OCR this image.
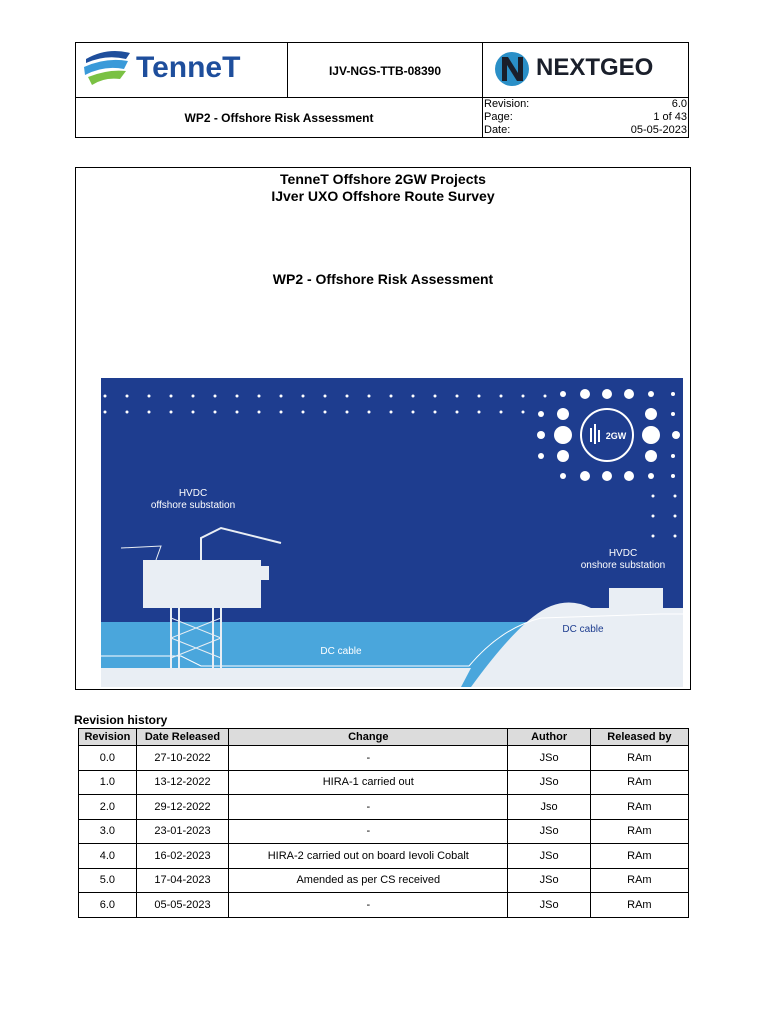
TenneT	IJV-NGS-TTB-08390	NEXTGEO
WP2 - Offshore Risk Assessment
Revision:	6.0
Page:	1 of 43
Date:	05-05-2023
TenneT Offshore 2GW Projects
IJver UXO Offshore Route Survey
WP2 - Offshore Risk Assessment
2GW
HVDC
offshore substation
HVDC
onshore substation
DC cable
DC cable
Revision history
Revision	Date Released	Change	Author	Released by
0.0	27-10-2022	-	JSo	RAm
1.0	13-12-2022	HIRA-1 carried out	JSo	RAm
2.0	29-12-2022	-	Jso	RAm
3.0	23-01-2023	-	JSo	RAm
4.0	16-02-2023	HIRA-2 carried out on board Ievoli Cobalt	JSo	RAm
5.0	17-04-2023	Amended as per CS received	JSo	RAm
6.0	05-05-2023	-	JSo	RAm
